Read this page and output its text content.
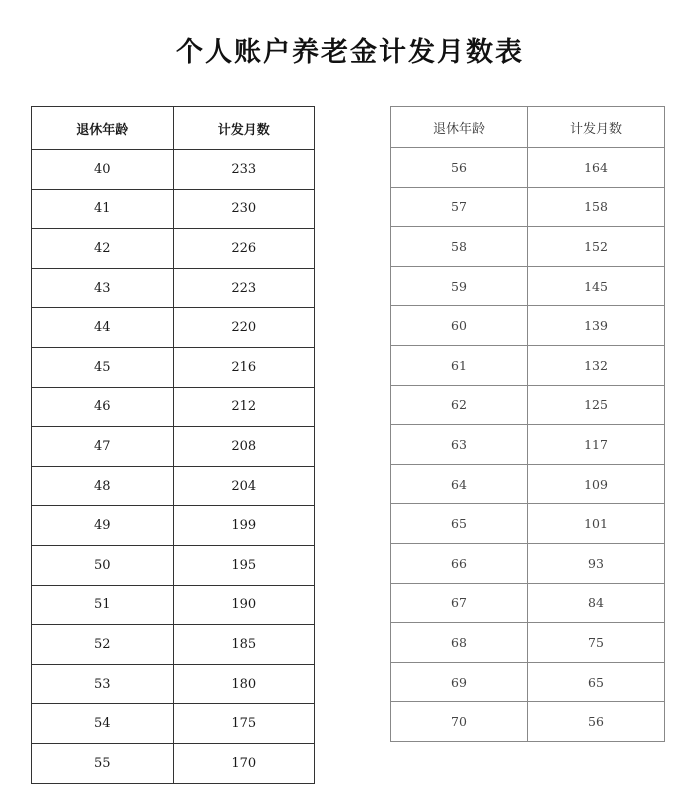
个人账户养老金计发月数表
退休年龄	计发月数
40	233
41	230
42	226
43	223
44	220
45	216
46	212
47	208
48	204
49	199
50	195
51	190
52	185
53	180
54	175
55	170
退休年龄	计发月数
56	164
57	158
58	152
59	145
60	139
61	132
62	125
63	117
64	109
65	101
66	93
67	84
68	75
69	65
70	56
